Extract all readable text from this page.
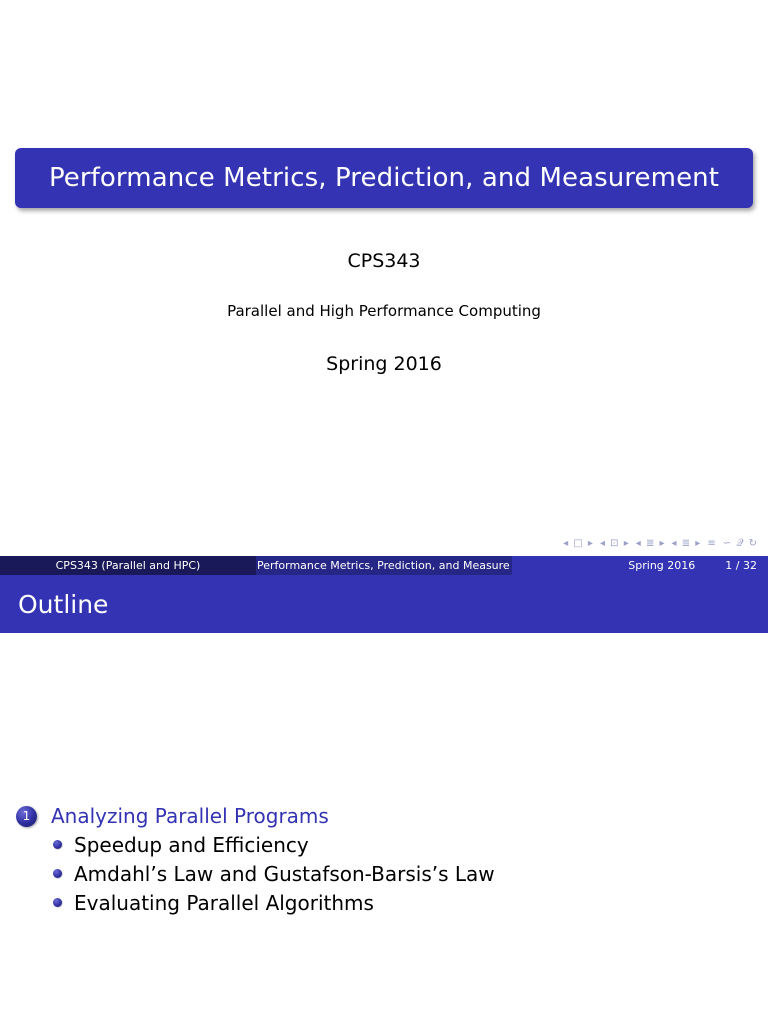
Performance Metrics, Prediction, and Measurement
CPS343
Parallel and High Performance Computing
Spring 2016
◂ □ ▸ ◂ ⊡ ▸ ◂ ≣ ▸ ◂ ≣ ▸ ≡ ∽ 𝒬 ↻
CPS343 (Parallel and HPC)	Performance Metrics, Prediction, and Measure	Spring 2016	1 / 32
Outline
1	Analyzing Parallel Programs
Speedup and Efficiency
Amdahl’s Law and Gustafson-Barsis’s Law
Evaluating Parallel Algorithms
